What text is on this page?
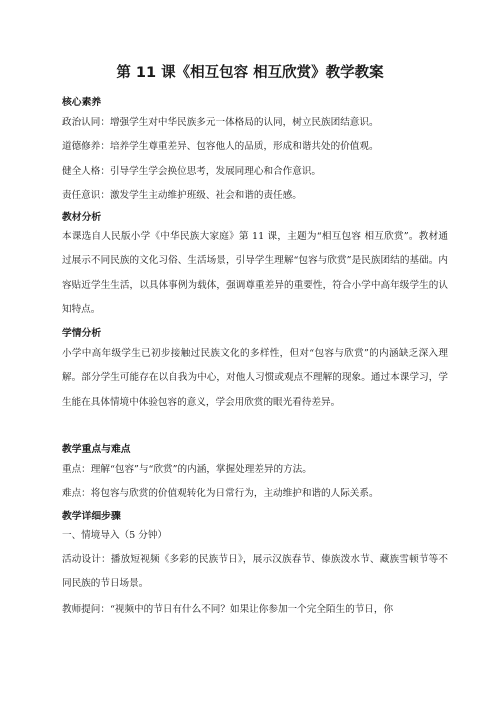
第 11 课《相互包容 相互欣赏》教学教案
核心素养
政治认同：增强学生对中华民族多元一体格局的认同，树立民族团结意识。
道德修养：培养学生尊重差异、包容他人的品质，形成和谐共处的价值观。
健全人格：引导学生学会换位思考，发展同理心和合作意识。
责任意识：激发学生主动维护班级、社会和谐的责任感。
教材分析
本课选自人民版小学《中华民族大家庭》第 11 课，主题为“相互包容 相互欣赏”。教材通过展示不同民族的文化习俗、生活场景，引导学生理解“包容与欣赏”是民族团结的基础。内容贴近学生生活，以具体事例为载体，强调尊重差异的重要性，符合小学中高年级学生的认知特点。
学情分析
小学中高年级学生已初步接触过民族文化的多样性，但对“包容与欣赏”的内涵缺乏深入理解。部分学生可能存在以自我为中心，对他人习惯或观点不理解的现象。通过本课学习，学生能在具体情境中体验包容的意义，学会用欣赏的眼光看待差异。
教学重点与难点
重点：理解“包容”与“欣赏”的内涵，掌握处理差异的方法。
难点：将包容与欣赏的价值观转化为日常行为，主动维护和谐的人际关系。
教学详细步骤
一、情境导入（5 分钟）
活动设计：播放短视频《多彩的民族节日》，展示汉族春节、傣族泼水节、藏族雪顿节等不同民族的节日场景。
教师提问：“视频中的节日有什么不同？如果让你参加一个完全陌生的节日，你
